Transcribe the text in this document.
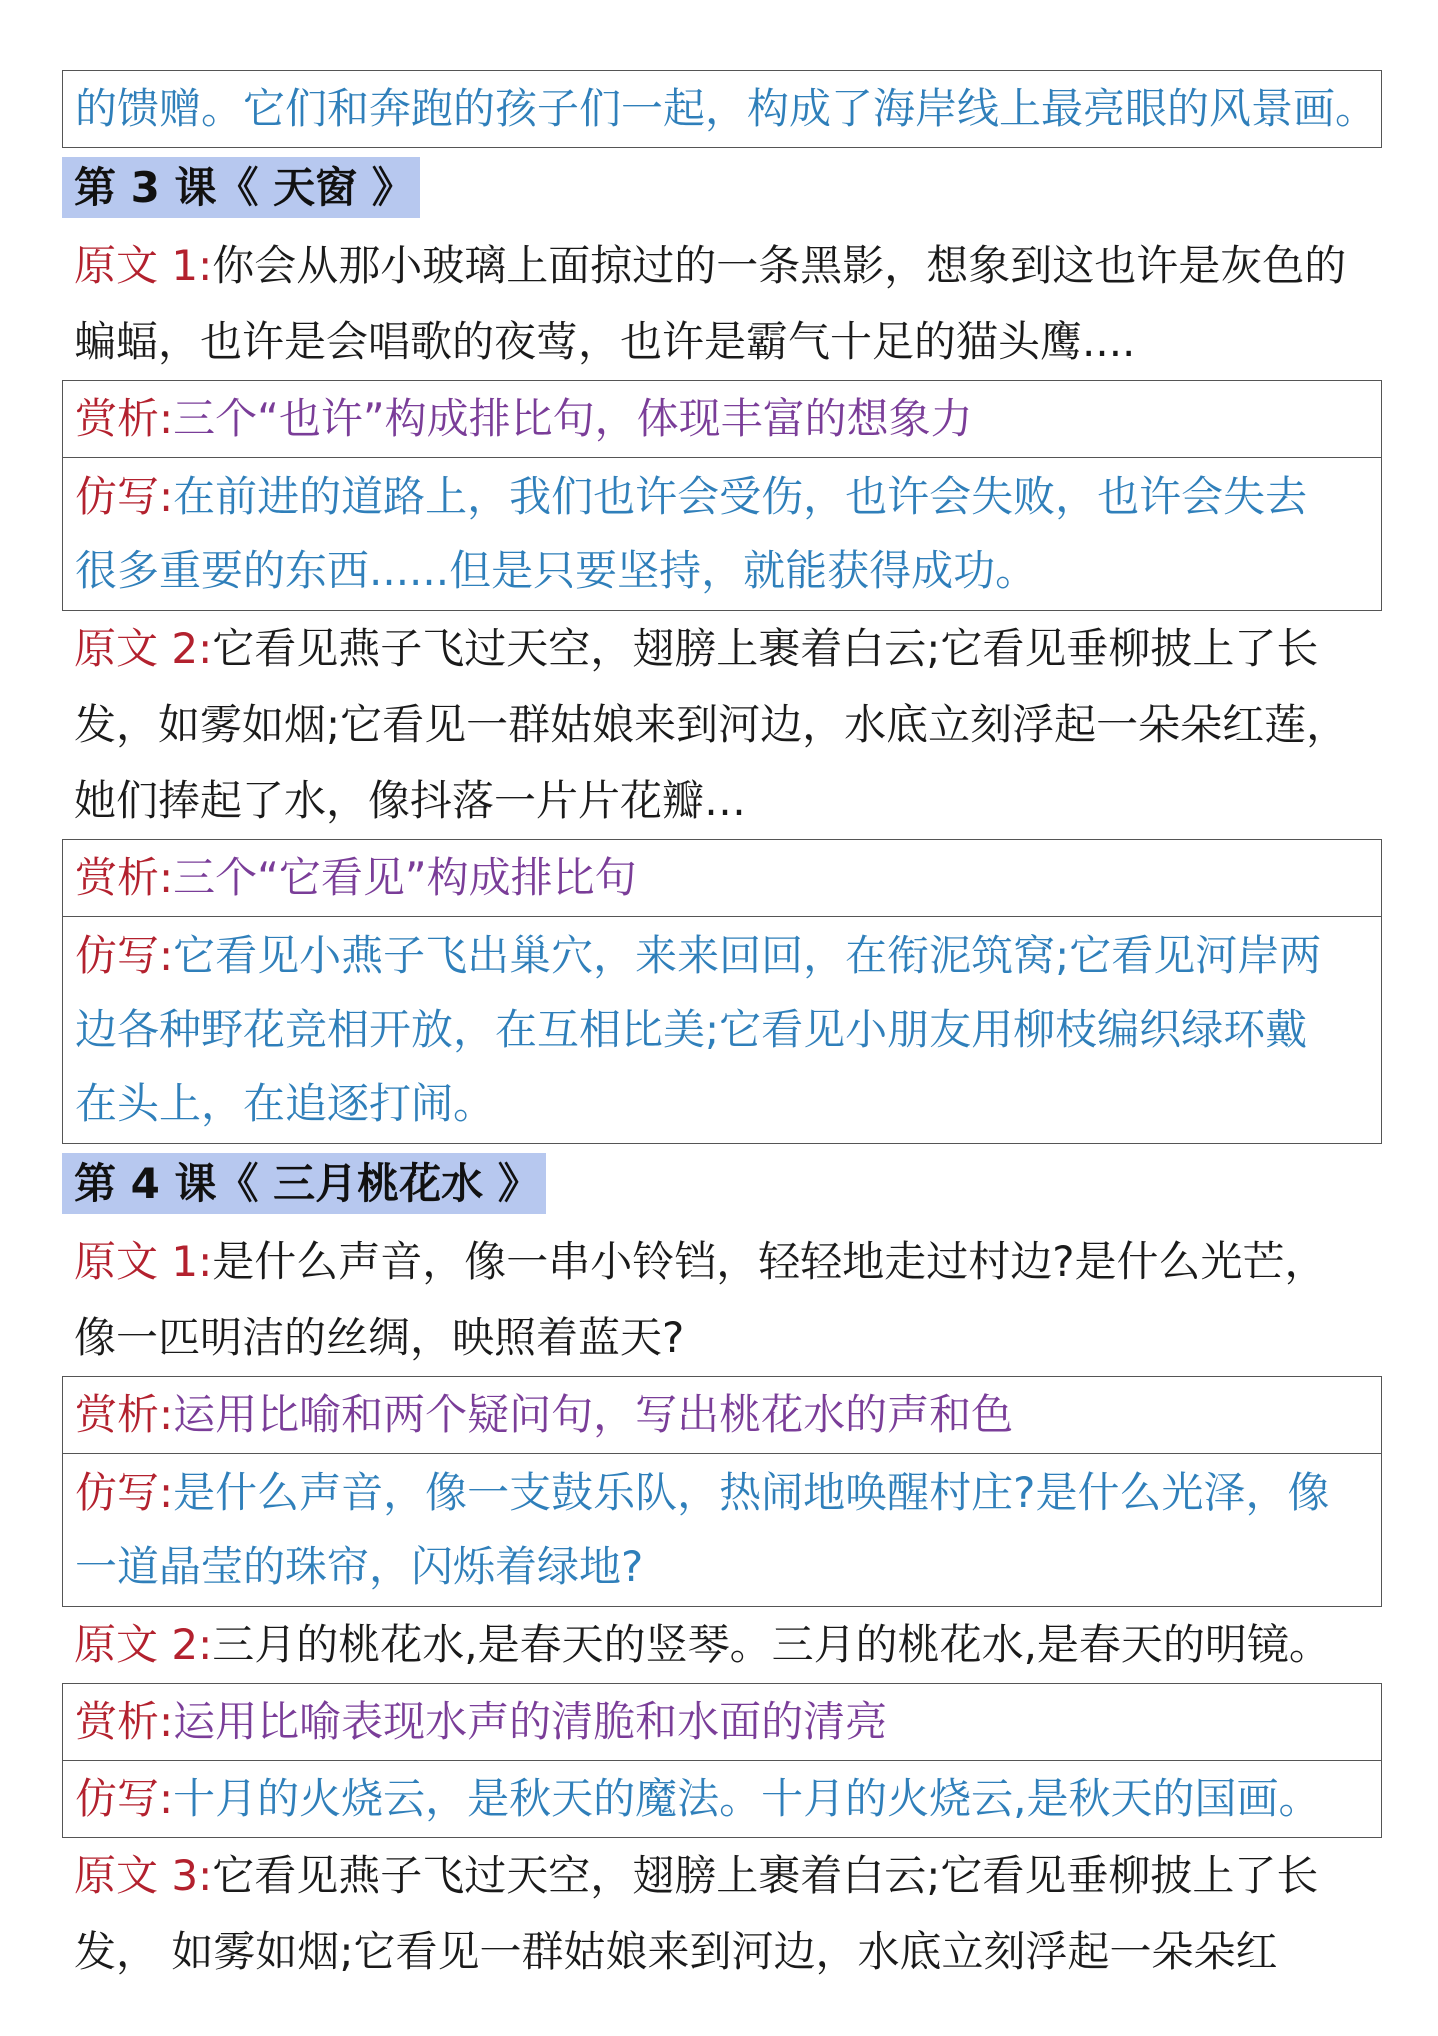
的馈赠。它们和奔跑的孩子们一起，构成了海岸线上最亮眼的风景画。
第 3 课《 天窗 》
原文 1:你会从那小玻璃上面掠过的一条黑影，想象到这也许是灰色的
蝙蝠，也许是会唱歌的夜莺，也许是霸气十足的猫头鹰....
赏析:三个“也许”构成排比句，体现丰富的想象力
仿写:在前进的道路上，我们也许会受伤，也许会失败，也许会失去
很多重要的东西......但是只要坚持，就能获得成功。
原文 2:它看见燕子飞过天空，翅膀上裹着白云;它看见垂柳披上了长
发，如雾如烟;它看见一群姑娘来到河边，水底立刻浮起一朵朵红莲，
她们捧起了水，像抖落一片片花瓣…
赏析:三个“它看见”构成排比句
仿写:它看见小燕子飞出巢穴，来来回回，在衔泥筑窝;它看见河岸两
边各种野花竞相开放，在互相比美;它看见小朋友用柳枝编织绿环戴
在头上，在追逐打闹。
第 4 课《 三月桃花水 》
原文 1:是什么声音，像一串小铃铛，轻轻地走过村边?是什么光芒，
像一匹明洁的丝绸，映照着蓝天?
赏析:运用比喻和两个疑问句，写出桃花水的声和色
仿写:是什么声音，像一支鼓乐队，热闹地唤醒村庄?是什么光泽，像
一道晶莹的珠帘，闪烁着绿地?
原文 2:三月的桃花水,是春天的竖琴。三月的桃花水,是春天的明镜。
赏析:运用比喻表现水声的清脆和水面的清亮
仿写:十月的火烧云，是秋天的魔法。十月的火烧云,是秋天的国画。
原文 3:它看见燕子飞过天空，翅膀上裹着白云;它看见垂柳披上了长
发， 如雾如烟;它看见一群姑娘来到河边，水底立刻浮起一朵朵红
